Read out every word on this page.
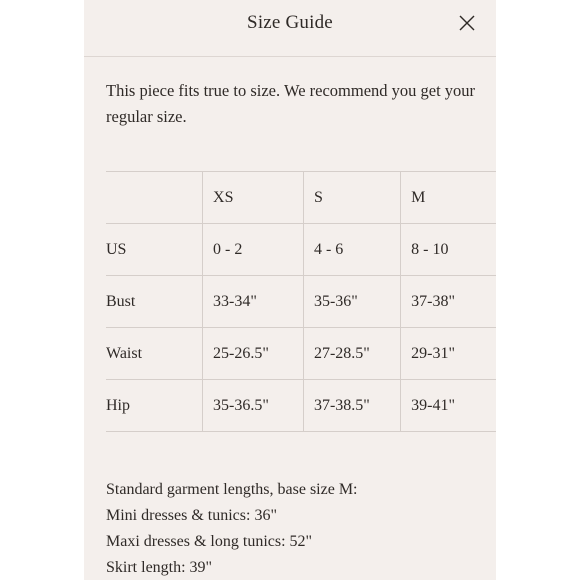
Size Guide
This piece fits true to size. We recommend you get your regular size.
	XS	S	M
US	0 - 2	4 - 6	8 - 10
Bust	33-34"	35-36"	37-38"
Waist	25-26.5"	27-28.5"	29-31"
Hip	35-36.5"	37-38.5"	39-41"
Standard garment lengths, base size M:
Mini dresses & tunics: 36"
Maxi dresses & long tunics: 52"
Skirt length: 39"
